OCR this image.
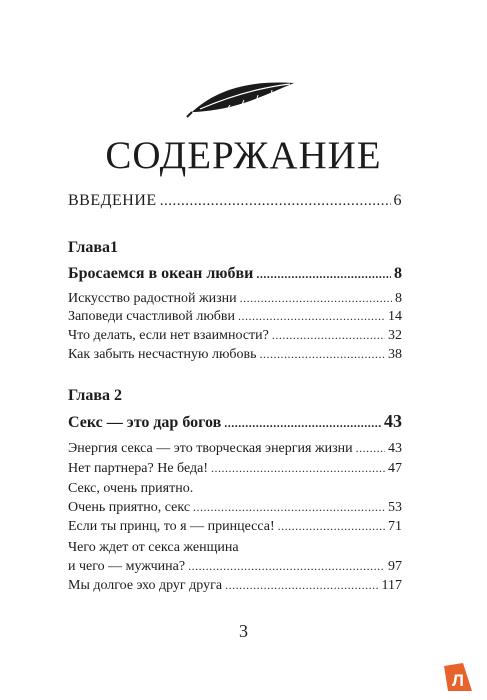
СОДЕРЖАНИЕ
ВВЕДЕНИЕ .....	6
Глава1
Бросаемся в океан любви .....	8
Искусство радостной жизни .....	8
Заповеди счастливой любви .....	14
Что делать, если нет взаимности? .....	32
Как забыть несчастную любовь .....	38
Глава 2
Секс — это дар богов .....	43
Энергия секса — это творческая энергия жизни .....	43
Нет партнера? Не беда! .....	47
Секс, очень приятно.
Очень приятно, секс .....	53
Если ты принц, то я — принцесса! .....	71
Чего ждет от секса женщина
и чего — мужчина? .....	97
Мы долгое эхо друг друга .....	117
3
Л
